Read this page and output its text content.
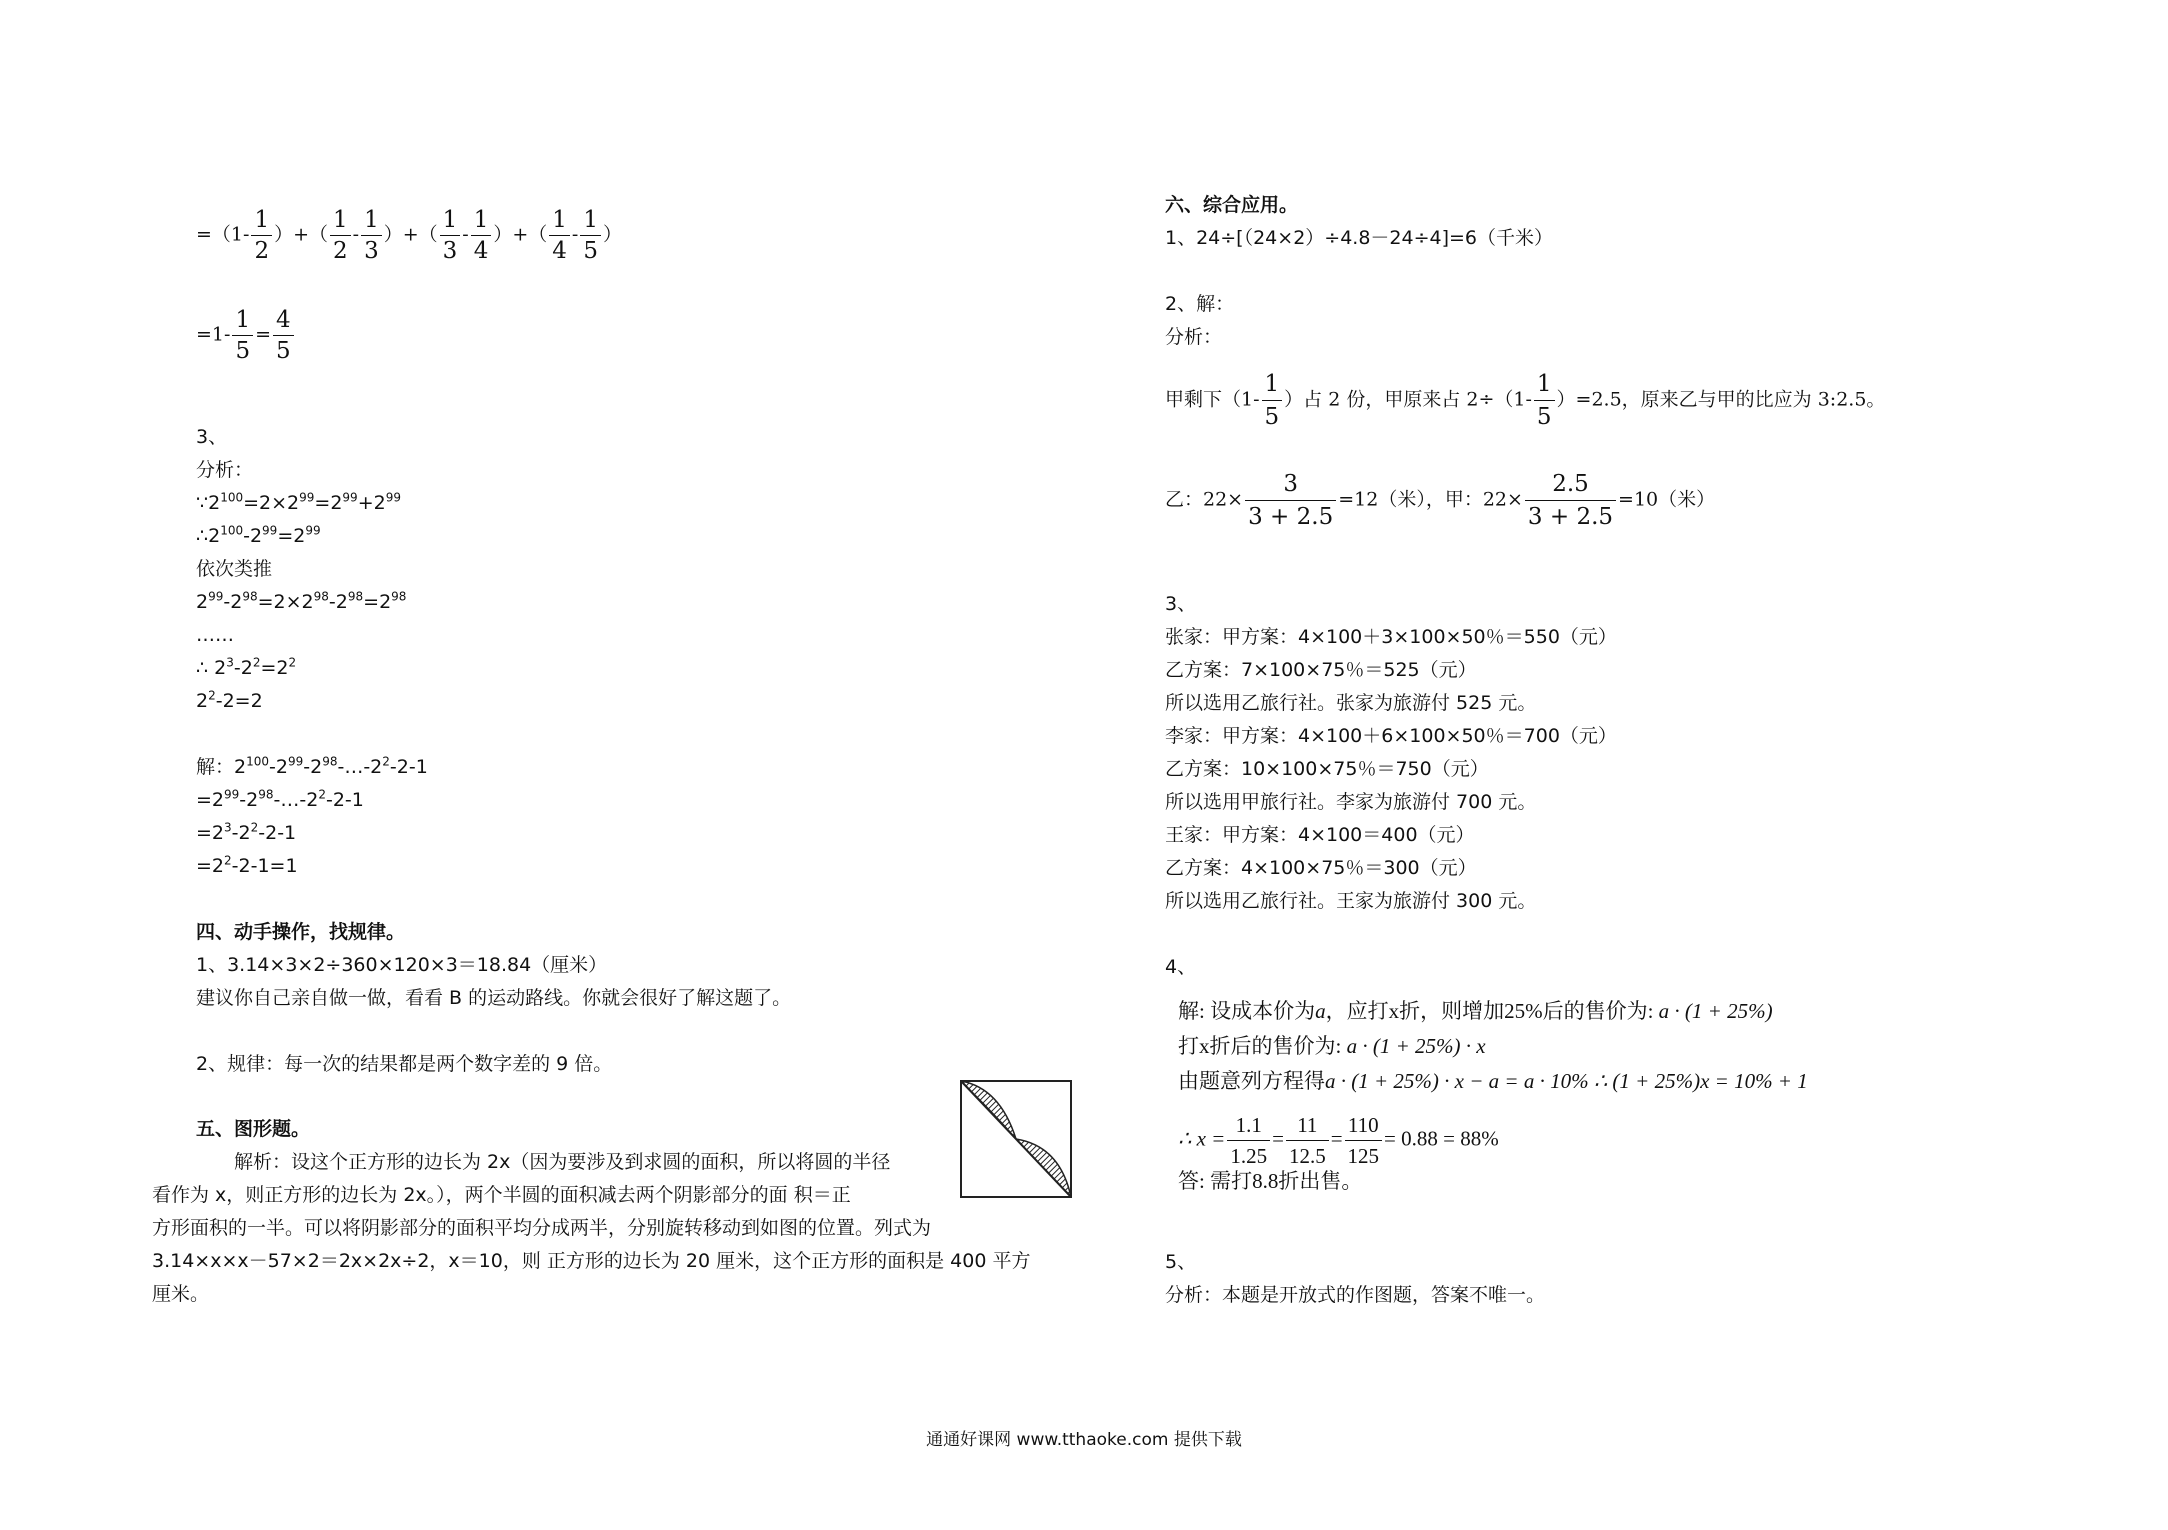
$=(1- \frac{1}{2}$ ）+（ $\frac{1}{2} - \frac{1}{3}$ ）+（ $\frac{1}{3} - \frac{1}{4}$ ）+（ $\frac{1}{4} - \frac{1}{5}$ ）
$=1- \frac{1}{5} = \frac{4}{5}$
3、
分析：
$\because 2^{100}=2\times 2^{99}=2^{99}+2^{99}$
$\therefore 2^{100}-2^{99}=2^{99}$
依次类推
$2^{99}-2^{98}=2\times 2^{98}-2^{98}=2^{98}$
……
∴ $2^3-2^2=2^2$
$2^2-2=2$
解：$2^{100}-2^{99}-2^{98}-\dots-2^2-2-1$
$=2^{99}-2^{98}-\dots-2^2-2-1$
$=2^3-2^2-2-1$
$=2^2-2-1=1$
四、动手操作，找规律。
1、3.14×3×2÷360×120×3＝18.84（厘米）
建议你自己亲自做一做，看看 B 的运动路线。你就会很好了解这题了。
2、规律：每一次的结果都是两个数字差的 9 倍。
五、图形题。
解析：设这个正方形的边长为 2x（因为要涉及到求圆的面积，所以将圆的半径
看作为 x，则正方形的边长为 2x。），两个半圆的面积减去两个阴影部分的面 积＝正
方形面积的一半。可以将阴影部分的面积平均分成两半，分别旋转移动到如图的位置。列式为
3.14×x×x－57×2＝2x×2x÷2，x＝10，则 正方形的边长为 20 厘米，这个正方形的面积是 400 平方
厘米。
六、综合应用。
1、24÷[（24×2）÷4.8－24÷4]=6（千米）
2、解：
分析：
甲剩下（$1- \frac{1}{5}$ ）占 2 份，甲原来占 $2\div(1- \frac{1}{5} )=2.5$，原来乙与甲的比应为 3:2.5。
乙：$22\times \frac{3}{3 + 2.5} =12$（米），甲：$22\times \frac{2.5}{3 + 2.5} =10$（米）
3、
张家：甲方案：4×100＋3×100×50％＝550（元）
乙方案：7×100×75％＝525（元）
所以选用乙旅行社。张家为旅游付 525 元。
李家：甲方案：4×100＋6×100×50％＝700（元）
乙方案：10×100×75％＝750（元）
所以选用甲旅行社。李家为旅游付 700 元。
王家：甲方案：4×100＝400（元）
乙方案：4×100×75％＝300（元）
所以选用乙旅行社。王家为旅游付 300 元。
4、
解: 设成本价为a，应打x折，则增加25%后的售价为: a · (1 + 25%)
打x折后的售价为: a · (1 + 25%) · x
由题意列方程得a · (1 + 25%) · x − a = a · 10% ∴ (1 + 25%)x = 10% + 1
∴ $x = \frac{1.1}{1.25} = \frac{11}{12.5} = \frac{110}{125} = 0.88 = 88\%$
答: 需打8.8折出售。
5、
分析：本题是开放式的作图题，答案不唯一。
通通好课网 www.tthaoke.com 提供下载
